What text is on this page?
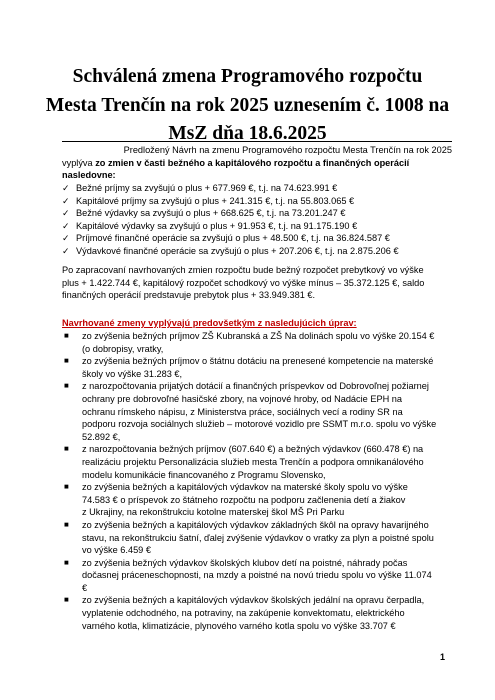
Schválená zmena Programového rozpočtu
Mesta Trenčín na rok 2025 uznesením č. 1008 na
MsZ dňa 18.6.2025
Predložený Návrh na zmenu Programového rozpočtu Mesta Trenčín na rok 2025
vyplýva zo zmien v časti bežného a kapitálového rozpočtu a finančných operácií
nasledovne:
✓ Bežné príjmy sa zvyšujú o plus + 677.969 €, t.j. na 74.623.991 €
✓ Kapitálové príjmy sa zvyšujú o plus + 241.315 €, t.j. na 55.803.065 €
✓ Bežné výdavky sa zvyšujú o plus + 668.625 €, t.j. na 73.201.247 €
✓ Kapitálové výdavky sa zvyšujú o plus + 91.953 €, t.j. na 91.175.190 €
✓ Príjmové finančné operácie sa zvyšujú o plus + 48.500 €, t.j. na 36.824.587 €
✓ Výdavkové finančné operácie sa zvyšujú o plus + 207.206 €, t.j. na 2.875.206 €
Po zapracovaní navrhovaných zmien rozpočtu bude bežný rozpočet prebytkový vo výške
plus + 1.422.744 €, kapitálový rozpočet schodkový vo výške mínus – 35.372.125 €, saldo
finančných operácií predstavuje prebytok plus + 33.949.381 €.
Navrhované zmeny vyplývajú predovšetkým z nasledujúcich úprav:
■ zo zvýšenia bežných príjmov ZŠ Kubranská a ZŠ Na dolinách spolu vo výške 20.154 €
(o dobropisy, vratky,
■ zo zvýšenia bežných príjmov o štátnu dotáciu na prenesené kompetencie na materské
školy vo výške 31.283 €,
■ z narozpočtovania prijatých dotácií a finančných príspevkov od Dobrovoľnej požiarnej
ochrany pre dobrovoľné hasičské zbory, na vojnové hroby, od Nadácie EPH na
ochranu rímskeho nápisu, z Ministerstva práce, sociálnych vecí a rodiny SR na
podporu rozvoja sociálnych služieb – motorové vozidlo pre SSMT m.r.o. spolu vo výške
52.892 €,
■ z narozpočtovania bežných príjmov (607.640 €) a bežných výdavkov (660.478 €) na
realizáciu projektu Personalizácia služieb mesta Trenčín a podpora omnikanálového
modelu komunikácie financovaného z Programu Slovensko,
■ zo zvýšenia bežných a kapitálových výdavkov na materské školy spolu vo výške
74.583 € o príspevok zo štátneho rozpočtu na podporu začlenenia detí a žiakov
z Ukrajiny, na rekonštrukciu kotolne materskej škol MŠ Pri Parku
■ zo zvýšenia bežných a kapitálových výdavkov základných škôl na opravy havarijného
stavu, na rekonštrukciu šatní, ďalej zvýšenie výdavkov o vratky za plyn a poistné spolu
vo výške 6.459 €
■ zo zvýšenia bežných výdavkov školských klubov detí na poistné, náhrady počas
dočasnej práceneschopnosti, na mzdy a poistné na novú triedu spolu vo výške 11.074
€
■ zo zvýšenia bežných a kapitálových výdavkov školských jedální na opravu čerpadla,
vyplatenie odchodného, na potraviny, na zakúpenie konvektomatu, elektrického
varného kotla, klimatizácie, plynového varného kotla spolu vo výške 33.707 €
1
